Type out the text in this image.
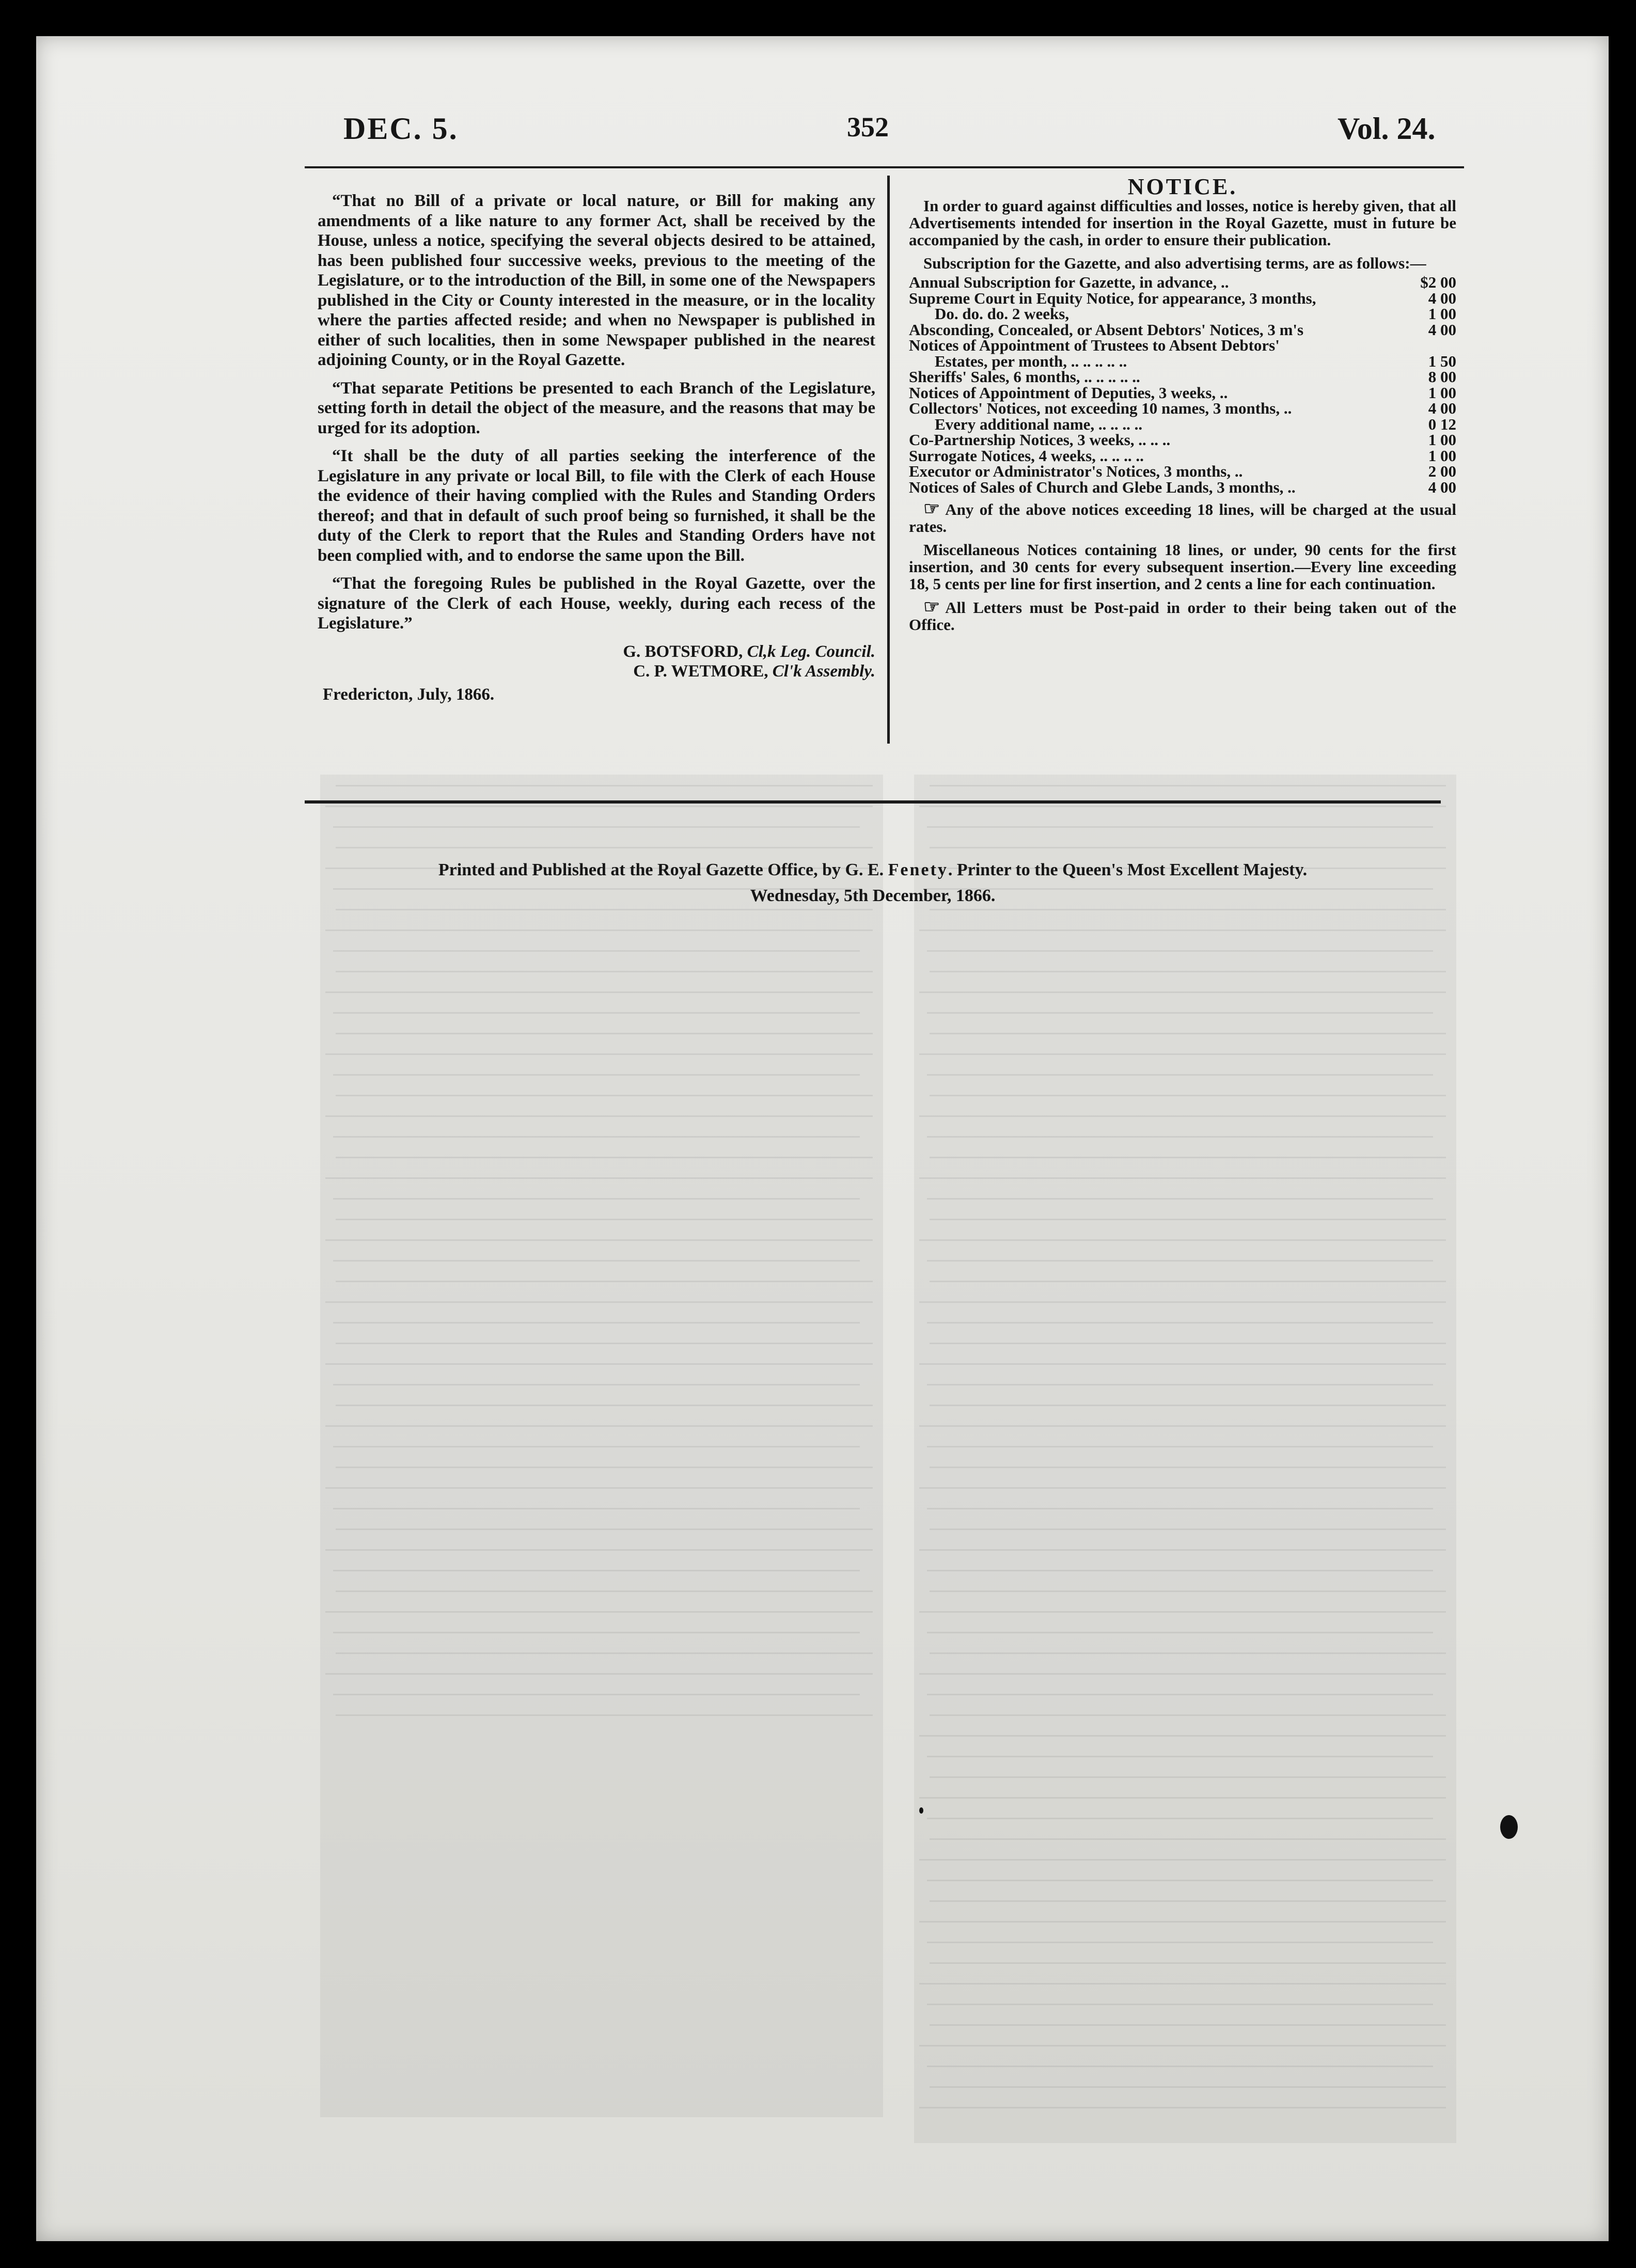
DEC. 5.	352	Vol. 24.

“That no Bill of a private or local nature, or Bill for making any amendments of a like nature to any former Act, shall be received by the House, unless a notice, specifying the several objects desired to be attained, has been published four successive weeks, previous to the meeting of the Legislature, or to the introduction of the Bill, in some one of the Newspapers published in the City or County interested in the measure, or in the locality where the parties affected reside; and when no Newspaper is published in either of such localities, then in some Newspaper published in the nearest adjoining County, or in the Royal Gazette.

“That separate Petitions be presented to each Branch of the Legislature, setting forth in detail the object of the measure, and the reasons that may be urged for its adoption.

“It shall be the duty of all parties seeking the interference of the Legislature in any private or local Bill, to file with the Clerk of each House the evidence of their having complied with the Rules and Standing Orders thereof; and that in default of such proof being so furnished, it shall be the duty of the Clerk to report that the Rules and Standing Orders have not been complied with, and to endorse the same upon the Bill.

“That the foregoing Rules be published in the Royal Gazette, over the signature of the Clerk of each House, weekly, during each recess of the Legislature.”

G. BOTSFORD, Cl,k Leg. Council.

C. P. WETMORE, Cl'k Assembly.

Fredericton, July, 1866.

NOTICE.

In order to guard against difficulties and losses, notice is hereby given, that all Advertisements intended for insertion in the Royal Gazette, must in future be accompanied by the cash, in order to ensure their publication.

Subscription for the Gazette, and also advertising terms, are as follows:—

Annual Subscription for Gazette, in advance, ..	$2 00
Supreme Court in Equity Notice, for appearance, 3 months,	4 00
Do. do. do. 2 weeks,	1 00
Absconding, Concealed, or Absent Debtors' Notices, 3 m's	4 00
Notices of Appointment of Trustees to Absent Debtors'
Estates, per month, .. .. .. .. ..	1 50
Sheriffs' Sales, 6 months, .. .. .. .. ..	8 00
Notices of Appointment of Deputies, 3 weeks, ..	1 00
Collectors' Notices, not exceeding 10 names, 3 months, ..	4 00
Every additional name, .. .. .. ..	0 12
Co-Partnership Notices, 3 weeks, .. .. ..	1 00
Surrogate Notices, 4 weeks, .. .. .. ..	1 00
Executor or Administrator's Notices, 3 months, ..	2 00
Notices of Sales of Church and Glebe Lands, 3 months, ..	4 00

☞ Any of the above notices exceeding 18 lines, will be charged at the usual rates.

Miscellaneous Notices containing 18 lines, or under, 90 cents for the first insertion, and 30 cents for every subsequent insertion.—Every line exceeding 18, 5 cents per line for first insertion, and 2 cents a line for each continuation.

☞ All Letters must be Post-paid in order to their being taken out of the Office.

Printed and Published at the Royal Gazette Office, by G. E. Fenety. Printer to the Queen's Most Excellent Majesty.
Wednesday, 5th December, 1866.
